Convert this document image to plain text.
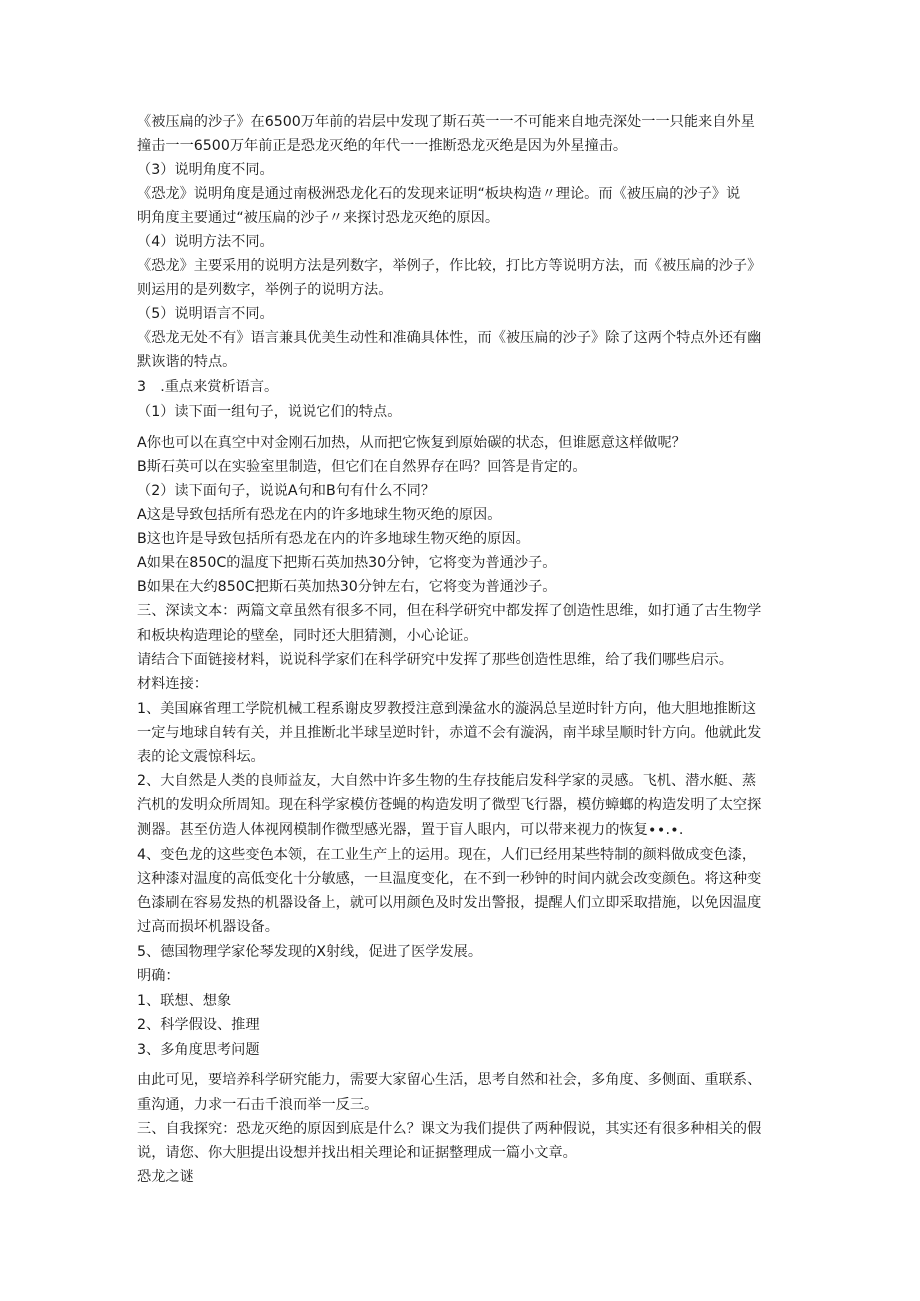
《被压扁的沙子》在6500万年前的岩层中发现了斯石英一一不可能来自地壳深处一一只能来自外星
撞击一一6500万年前正是恐龙灭绝的年代一一推断恐龙灭绝是因为外星撞击。
（3）说明角度不同。
《恐龙》说明角度是通过南极洲恐龙化石的发现来证明“板块构造〃理论。而《被压扁的沙子》说
明角度主要通过“被压扁的沙子〃来探讨恐龙灭绝的原因。
（4）说明方法不同。
《恐龙》主要采用的说明方法是列数字，举例子，作比较，打比方等说明方法，而《被压扁的沙子》
则运用的是列数字，举例子的说明方法。
（5）说明语言不同。
《恐龙无处不有》语言兼具优美生动性和准确具体性，而《被压扁的沙子》除了这两个特点外还有幽
默诙谐的特点。
3　.重点来赏析语言。
（1）读下面一组句子，说说它们的特点。
A你也可以在真空中对金刚石加热，从而把它恢复到原始碳的状态，但谁愿意这样做呢？
B斯石英可以在实验室里制造，但它们在自然界存在吗？回答是肯定的。
（2）读下面句子，说说A句和B句有什么不同？
A这是导致包括所有恐龙在内的许多地球生物灭绝的原因。
B这也许是导致包括所有恐龙在内的许多地球生物灭绝的原因。
A如果在850C的温度下把斯石英加热30分钟，它将变为普通沙子。
B如果在大约850C把斯石英加热30分钟左右，它将变为普通沙子。
三、深读文本：两篇文章虽然有很多不同，但在科学研究中都发挥了创造性思维，如打通了古生物学
和板块构造理论的壁垒，同时还大胆猜测，小心论证。
请结合下面链接材料，说说科学家们在科学研究中发挥了那些创造性思维，给了我们哪些启示。
材料连接：
1、美国麻省理工学院机械工程系谢皮罗教授注意到澡盆水的漩涡总呈逆时针方向，他大胆地推断这
一定与地球自转有关，并且推断北半球呈逆时针，赤道不会有漩涡，南半球呈顺时针方向。他就此发
表的论文震惊科坛。
2、大自然是人类的良师益友，大自然中许多生物的生存技能启发科学家的灵感。飞机、潜水艇、蒸
汽机的发明众所周知。现在科学家模仿苍蝇的构造发明了微型飞行器，模仿蟑螂的构造发明了太空探
测器。甚至仿造人体视网模制作微型感光器，置于盲人眼内，可以带来视力的恢复∙∙.∙.
4、变色龙的这些变色本领，在工业生产上的运用。现在，人们已经用某些特制的颜料做成变色漆，
这种漆对温度的高低变化十分敏感，一旦温度变化，在不到一秒钟的时间内就会改变颜色。将这种变
色漆刷在容易发热的机器设备上，就可以用颜色及时发出警报，提醒人们立即采取措施，以免因温度
过高而损坏机器设备。
5、德国物理学家伦琴发现的X射线，促进了医学发展。
明确：
1、联想、想象
2、科学假设、推理
3、多角度思考问题
由此可见，要培养科学研究能力，需要大家留心生活，思考自然和社会，多角度、多侧面、重联系、
重沟通，力求一石击千浪而举一反三。
三、自我探究：恐龙灭绝的原因到底是什么？课文为我们提供了两种假说，其实还有很多种相关的假
说，请您、你大胆提出设想并找出相关理论和证据整理成一篇小文章。
恐龙之谜
